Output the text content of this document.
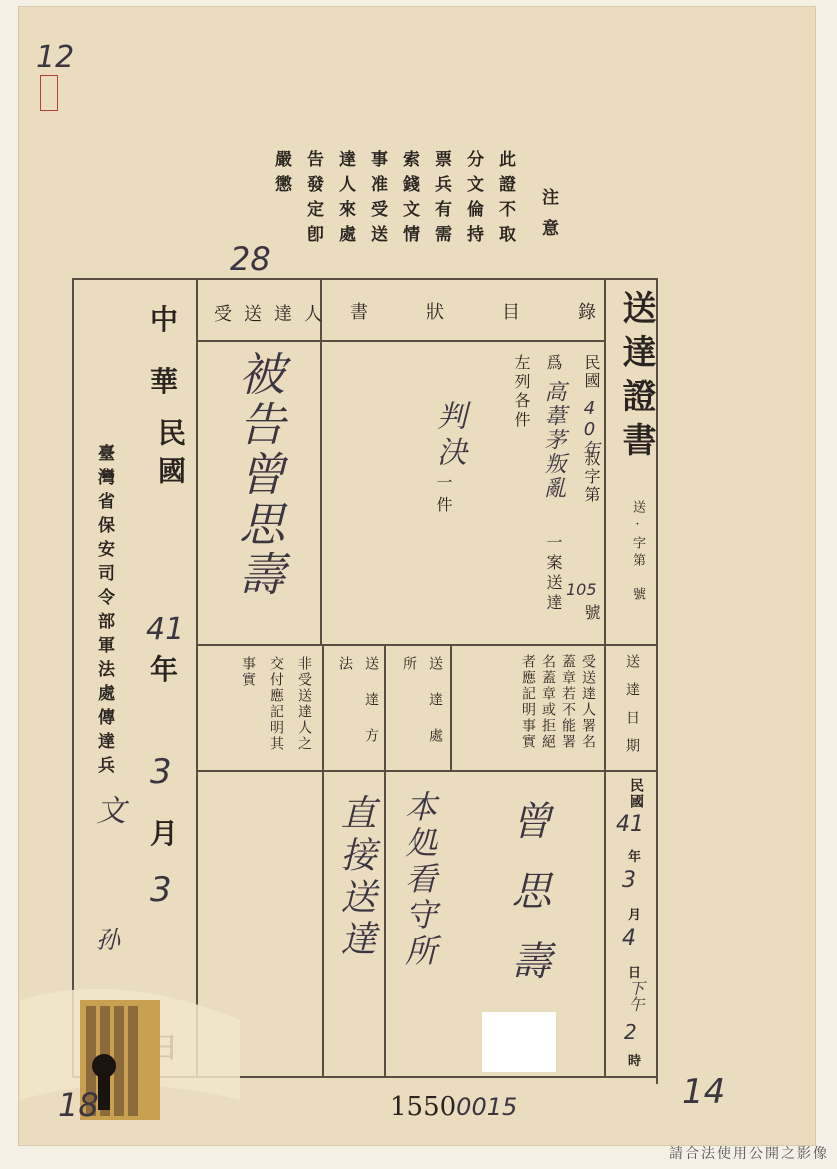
12
注意
此證不取
分文倫持
票兵有需
索錢文情
事准受送
達人來處
告發定卽
嚴懲
28
送達證書
送·字第　號
送達日期
受送達人 書　狀　目　錄
民國
40年
叔字第
105
號
爲
高葦茅叛亂
一案送達
左列各件
判決
一件
被告曾思壽
受送達人署名蓋章若不能署名蓋章或拒絕者應記明事實
送達處所
送達方法
非受送達人之交付應記明其事實
民國
41
年
3
月
4
日
下午
2
時
曾思壽
本処看守所
直接送達
中
華
民國
41
年
3
月
3
臺灣省保安司令部軍法處傳達兵
文
孙
15500015
18	14
請合法使用公開之影像
